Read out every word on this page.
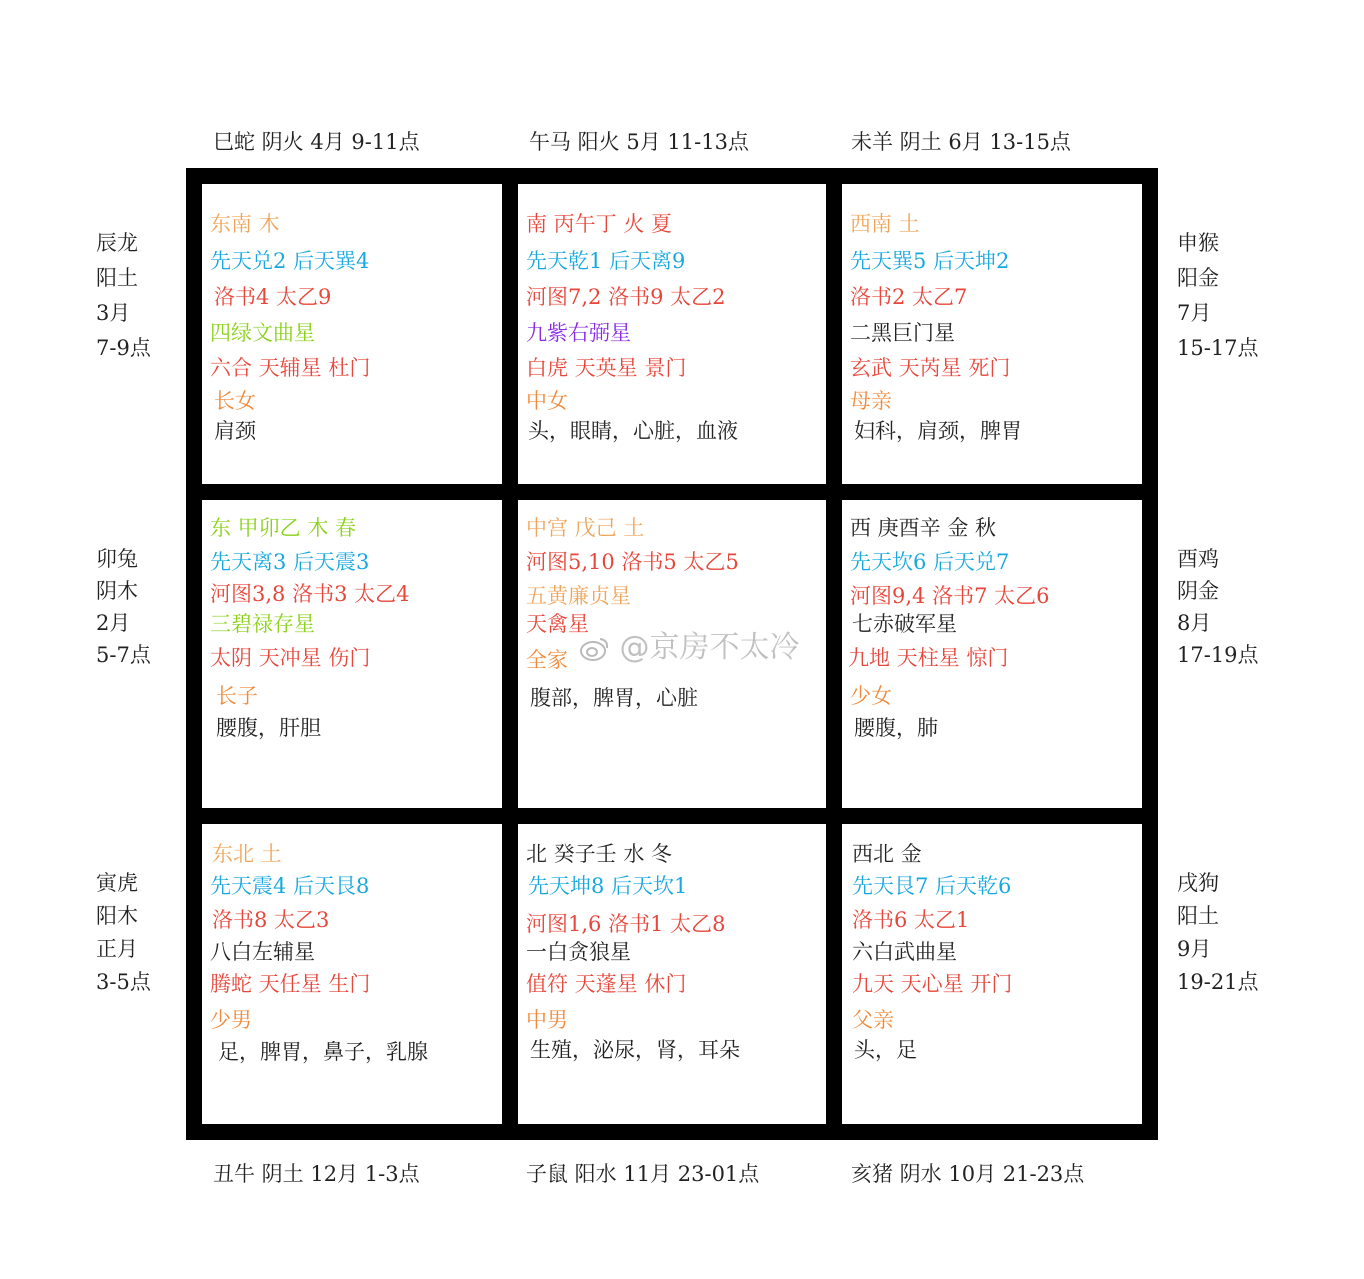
巳蛇 阴火 4月 9-11点	午马 阳火 5月 11-13点	未羊 阴土 6月 13-15点
丑牛 阴土 12月 1-3点	子鼠 阳水 11月 23-01点	亥猪 阴水 10月 21-23点
辰龙
阳土
3月
7-9点
卯兔
阴木
2月
5-7点
寅虎
阳木
正月
3-5点
申猴
阳金
7月
15-17点
酉鸡
阴金
8月
17-19点
戌狗
阳土
9月
19-21点
东南 木
先天兑2 后天巽4
洛书4 太乙9
四绿文曲星
六合 天辅星 杜门
长女
肩颈
南 丙午丁 火 夏
先天乾1 后天离9
河图7,2 洛书9 太乙2
九紫右弼星
白虎 天英星 景门
中女
头，眼睛，心脏，血液
西南 土
先天巽5 后天坤2
洛书2 太乙7
二黑巨门星
玄武 天芮星 死门
母亲
妇科，肩颈，脾胃
东 甲卯乙 木 春
先天离3 后天震3
河图3,8 洛书3 太乙4
三碧禄存星
太阴 天冲星 伤门
长子
腰腹，肝胆
中宫 戊己 土
河图5,10 洛书5 太乙5
五黄廉贞星
天禽星
全家
腹部，脾胃，心脏
西 庚酉辛 金 秋
先天坎6 后天兑7
河图9,4 洛书7 太乙6
七赤破军星
九地 天柱星 惊门
少女
腰腹，肺
东北 土
先天震4 后天艮8
洛书8 太乙3
八白左辅星
腾蛇 天任星 生门
少男
足，脾胃，鼻子，乳腺
北 癸子壬 水 冬
先天坤8 后天坎1
河图1,6 洛书1 太乙8
一白贪狼星
值符 天蓬星 休门
中男
生殖，泌尿，肾，耳朵
西北 金
先天艮7 后天乾6
洛书6 太乙1
六白武曲星
九天 天心星 开门
父亲
头，足
@京房不太冷
